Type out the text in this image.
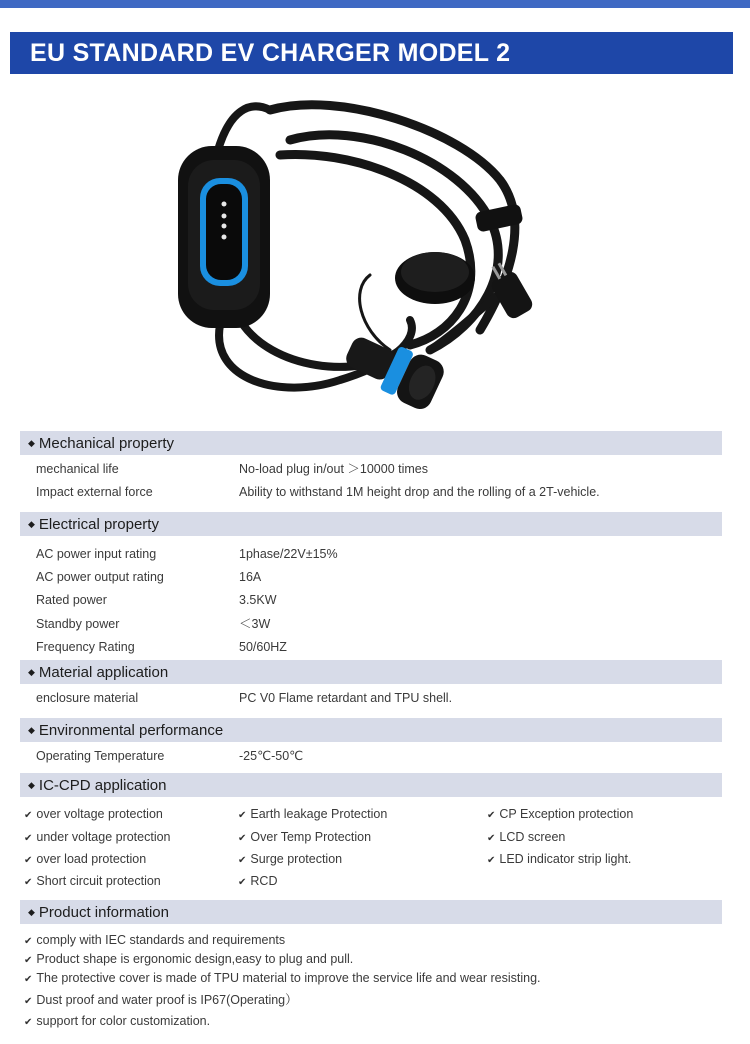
EU STANDARD EV CHARGER MODEL 2
◆ Mechanical property
mechanical life	No-load plug in/out ＞10000 times
Impact external force	Ability to withstand 1M height drop and the rolling of a 2T-vehicle.
◆ Electrical property
AC power input rating	1phase/22V±15%
AC power output rating	16A
Rated power	3.5KW
Standby power	＜3W
Frequency Rating	50/60HZ
◆ Material application
enclosure material	PC V0 Flame retardant and TPU shell.
◆ Environmental performance
Operating Temperature	-25℃-50℃
◆ IC-CPD application
✔ over voltage protection
✔ under voltage protection
✔ over load protection
✔ Short circuit protection
✔ Earth leakage Protection
✔ Over Temp Protection
✔ Surge protection
✔ RCD
✔ CP Exception protection
✔ LCD screen
✔ LED indicator strip light.
◆ Product information
✔ comply with IEC standards and requirements
✔ Product shape is ergonomic design,easy to plug and pull.
✔ The protective cover is made of TPU material to improve the service life and wear resisting.
✔ Dust proof and water proof is IP67(Operating）
✔ support for color customization.
